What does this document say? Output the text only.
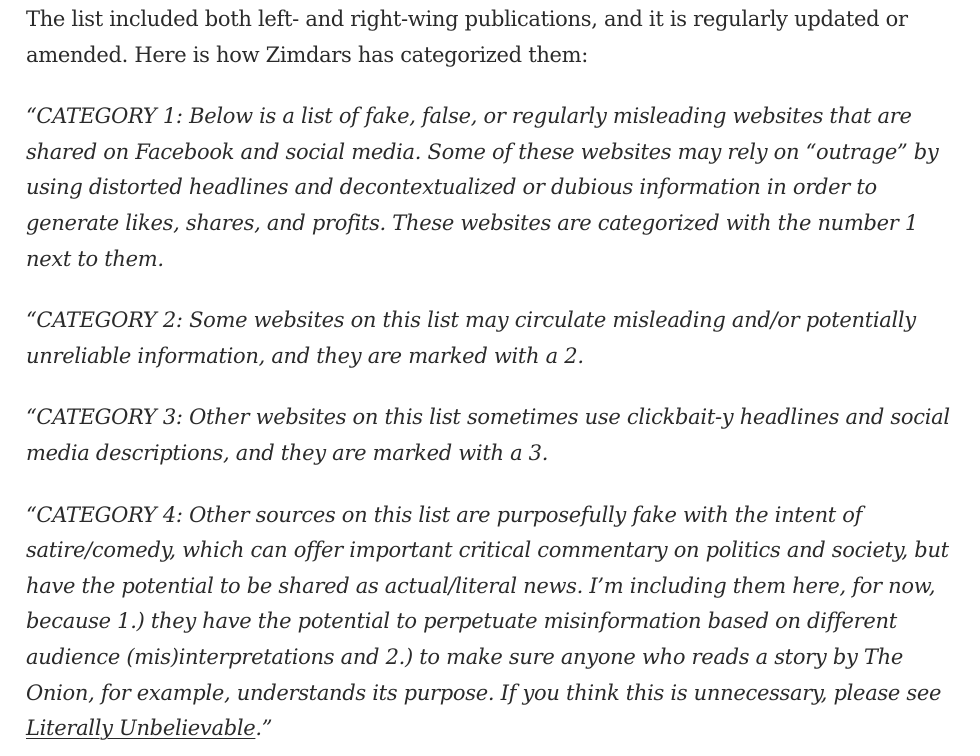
The list included both left- and right-wing publications, and it is regularly updated or amended. Here is how Zimdars has categorized them:

“CATEGORY 1: Below is a list of fake, false, or regularly misleading websites that are shared on Facebook and social media. Some of these websites may rely on “outrage” by using distorted headlines and decontextualized or dubious information in order to generate likes, shares, and profits. These websites are categorized with the number 1 next to them.

“CATEGORY 2: Some websites on this list may circulate misleading and/or potentially unreliable information, and they are marked with a 2.

“CATEGORY 3: Other websites on this list sometimes use clickbait-y headlines and social media descriptions, and they are marked with a 3.

“CATEGORY 4: Other sources on this list are purposefully fake with the intent of satire/comedy, which can offer important critical commentary on politics and society, but have the potential to be shared as actual/literal news. I’m including them here, for now, because 1.) they have the potential to perpetuate misinformation based on different audience (mis)interpretations and 2.) to make sure anyone who reads a story by The Onion, for example, understands its purpose. If you think this is unnecessary, please see Literally Unbelievable.”
